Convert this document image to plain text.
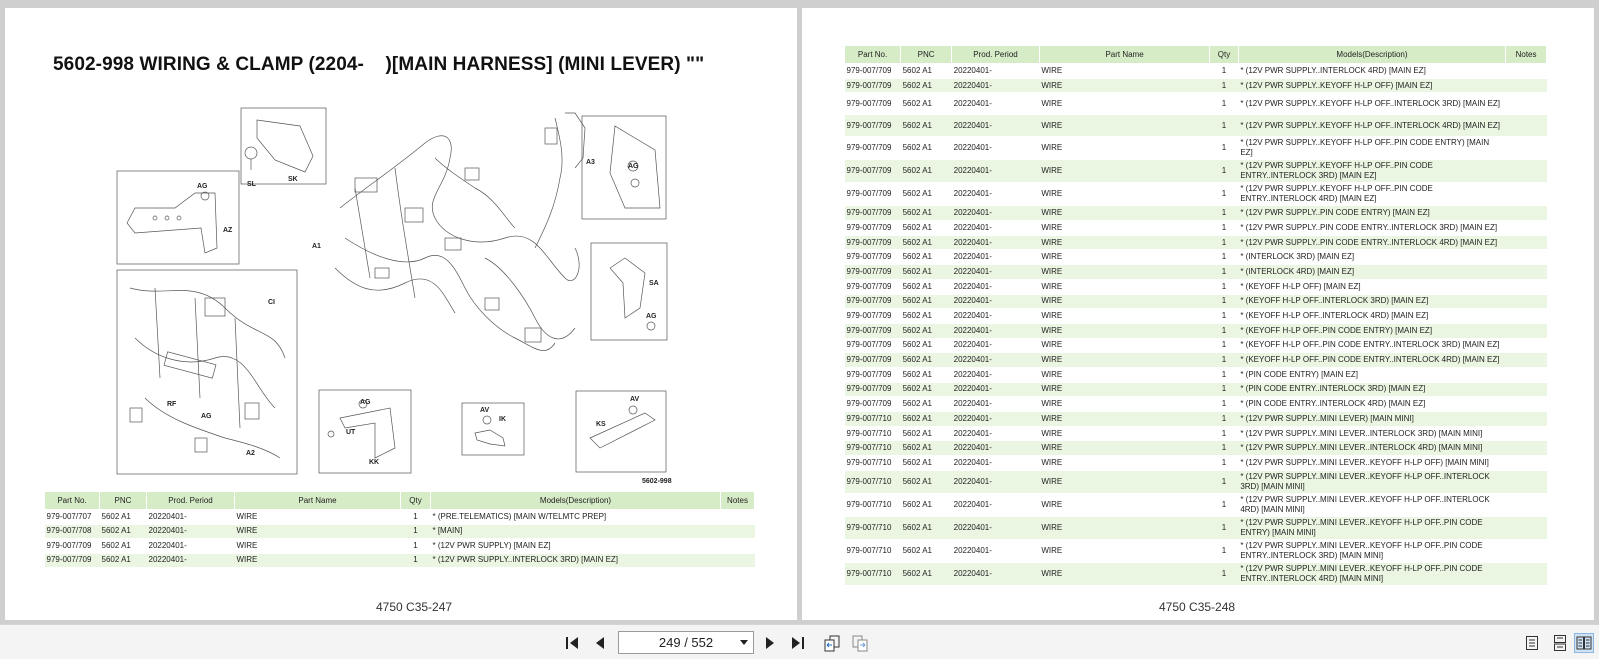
5602-998 WIRING & CLAMP (2204-    )[MAIN HARNESS] (MINI LEVER) ""
SL
SK
AG
AZ
A1
A3
AG
CI
RF
AG
A2
SA
AG
AG
UT
KK
AV
IK
AV
KS
5602-998
4750 C35-247
Part No.	PNC	Prod. Period	Part Name	Qty	Models(Description)	Notes
979-007/707	5602 A1	20220401-	WIRE	1	* (PRE.TELEMATICS) [MAIN W/TELMTC PREP]	
979-007/708	5602 A1	20220401-	WIRE	1	* [MAIN]	
979-007/709	5602 A1	20220401-	WIRE	1	* (12V PWR SUPPLY) [MAIN EZ]	
979-007/709	5602 A1	20220401-	WIRE	1	* (12V PWR SUPPLY..INTERLOCK 3RD) [MAIN EZ]	
4750 C35-248
Part No.	PNC	Prod. Period	Part Name	Qty	Models(Description)	Notes
979-007/709	5602 A1	20220401-	WIRE	1	* (12V PWR SUPPLY..INTERLOCK 4RD) [MAIN EZ]	
979-007/709	5602 A1	20220401-	WIRE	1	* (12V PWR SUPPLY..KEYOFF H-LP OFF) [MAIN EZ]	
979-007/709	5602 A1	20220401-	WIRE	1	* (12V PWR SUPPLY..KEYOFF H-LP OFF..INTERLOCK 3RD) [MAIN EZ]	
979-007/709	5602 A1	20220401-	WIRE	1	* (12V PWR SUPPLY..KEYOFF H-LP OFF..INTERLOCK 4RD) [MAIN EZ]	
979-007/709	5602 A1	20220401-	WIRE	1	* (12V PWR SUPPLY..KEYOFF H-LP OFF..PIN CODE ENTRY) [MAIN EZ]	
979-007/709	5602 A1	20220401-	WIRE	1	* (12V PWR SUPPLY..KEYOFF H-LP OFF..PIN CODE ENTRY..INTERLOCK 3RD) [MAIN EZ]	
979-007/709	5602 A1	20220401-	WIRE	1	* (12V PWR SUPPLY..KEYOFF H-LP OFF..PIN CODE ENTRY..INTERLOCK 4RD) [MAIN EZ]	
979-007/709	5602 A1	20220401-	WIRE	1	* (12V PWR SUPPLY..PIN CODE ENTRY) [MAIN EZ]	
979-007/709	5602 A1	20220401-	WIRE	1	* (12V PWR SUPPLY..PIN CODE ENTRY..INTERLOCK 3RD) [MAIN EZ]	
979-007/709	5602 A1	20220401-	WIRE	1	* (12V PWR SUPPLY..PIN CODE ENTRY..INTERLOCK 4RD) [MAIN EZ]	
979-007/709	5602 A1	20220401-	WIRE	1	* (INTERLOCK 3RD) [MAIN EZ]	
979-007/709	5602 A1	20220401-	WIRE	1	* (INTERLOCK 4RD) [MAIN EZ]	
979-007/709	5602 A1	20220401-	WIRE	1	* (KEYOFF H-LP OFF) [MAIN EZ]	
979-007/709	5602 A1	20220401-	WIRE	1	* (KEYOFF H-LP OFF..INTERLOCK 3RD) [MAIN EZ]	
979-007/709	5602 A1	20220401-	WIRE	1	* (KEYOFF H-LP OFF..INTERLOCK 4RD) [MAIN EZ]	
979-007/709	5602 A1	20220401-	WIRE	1	* (KEYOFF H-LP OFF..PIN CODE ENTRY) [MAIN EZ]	
979-007/709	5602 A1	20220401-	WIRE	1	* (KEYOFF H-LP OFF..PIN CODE ENTRY..INTERLOCK 3RD) [MAIN EZ]	
979-007/709	5602 A1	20220401-	WIRE	1	* (KEYOFF H-LP OFF..PIN CODE ENTRY..INTERLOCK 4RD) [MAIN EZ]	
979-007/709	5602 A1	20220401-	WIRE	1	* (PIN CODE ENTRY) [MAIN EZ]	
979-007/709	5602 A1	20220401-	WIRE	1	* (PIN CODE ENTRY..INTERLOCK 3RD) [MAIN EZ]	
979-007/709	5602 A1	20220401-	WIRE	1	* (PIN CODE ENTRY..INTERLOCK 4RD) [MAIN EZ]	
979-007/710	5602 A1	20220401-	WIRE	1	* (12V PWR SUPPLY..MINI LEVER) [MAIN MINI]	
979-007/710	5602 A1	20220401-	WIRE	1	* (12V PWR SUPPLY..MINI LEVER..INTERLOCK 3RD) [MAIN MINI]	
979-007/710	5602 A1	20220401-	WIRE	1	* (12V PWR SUPPLY..MINI LEVER..INTERLOCK 4RD) [MAIN MINI]	
979-007/710	5602 A1	20220401-	WIRE	1	* (12V PWR SUPPLY..MINI LEVER..KEYOFF H-LP OFF) [MAIN MINI]	
979-007/710	5602 A1	20220401-	WIRE	1	* (12V PWR SUPPLY..MINI LEVER..KEYOFF H-LP OFF..INTERLOCK 3RD) [MAIN MINI]	
979-007/710	5602 A1	20220401-	WIRE	1	* (12V PWR SUPPLY..MINI LEVER..KEYOFF H-LP OFF..INTERLOCK 4RD) [MAIN MINI]	
979-007/710	5602 A1	20220401-	WIRE	1	* (12V PWR SUPPLY..MINI LEVER..KEYOFF H-LP OFF..PIN CODE ENTRY) [MAIN MINI]	
979-007/710	5602 A1	20220401-	WIRE	1	* (12V PWR SUPPLY..MINI LEVER..KEYOFF H-LP OFF..PIN CODE ENTRY..INTERLOCK 3RD) [MAIN MINI]	
979-007/710	5602 A1	20220401-	WIRE	1	* (12V PWR SUPPLY..MINI LEVER..KEYOFF H-LP OFF..PIN CODE ENTRY..INTERLOCK 4RD) [MAIN MINI]	
249 / 552
